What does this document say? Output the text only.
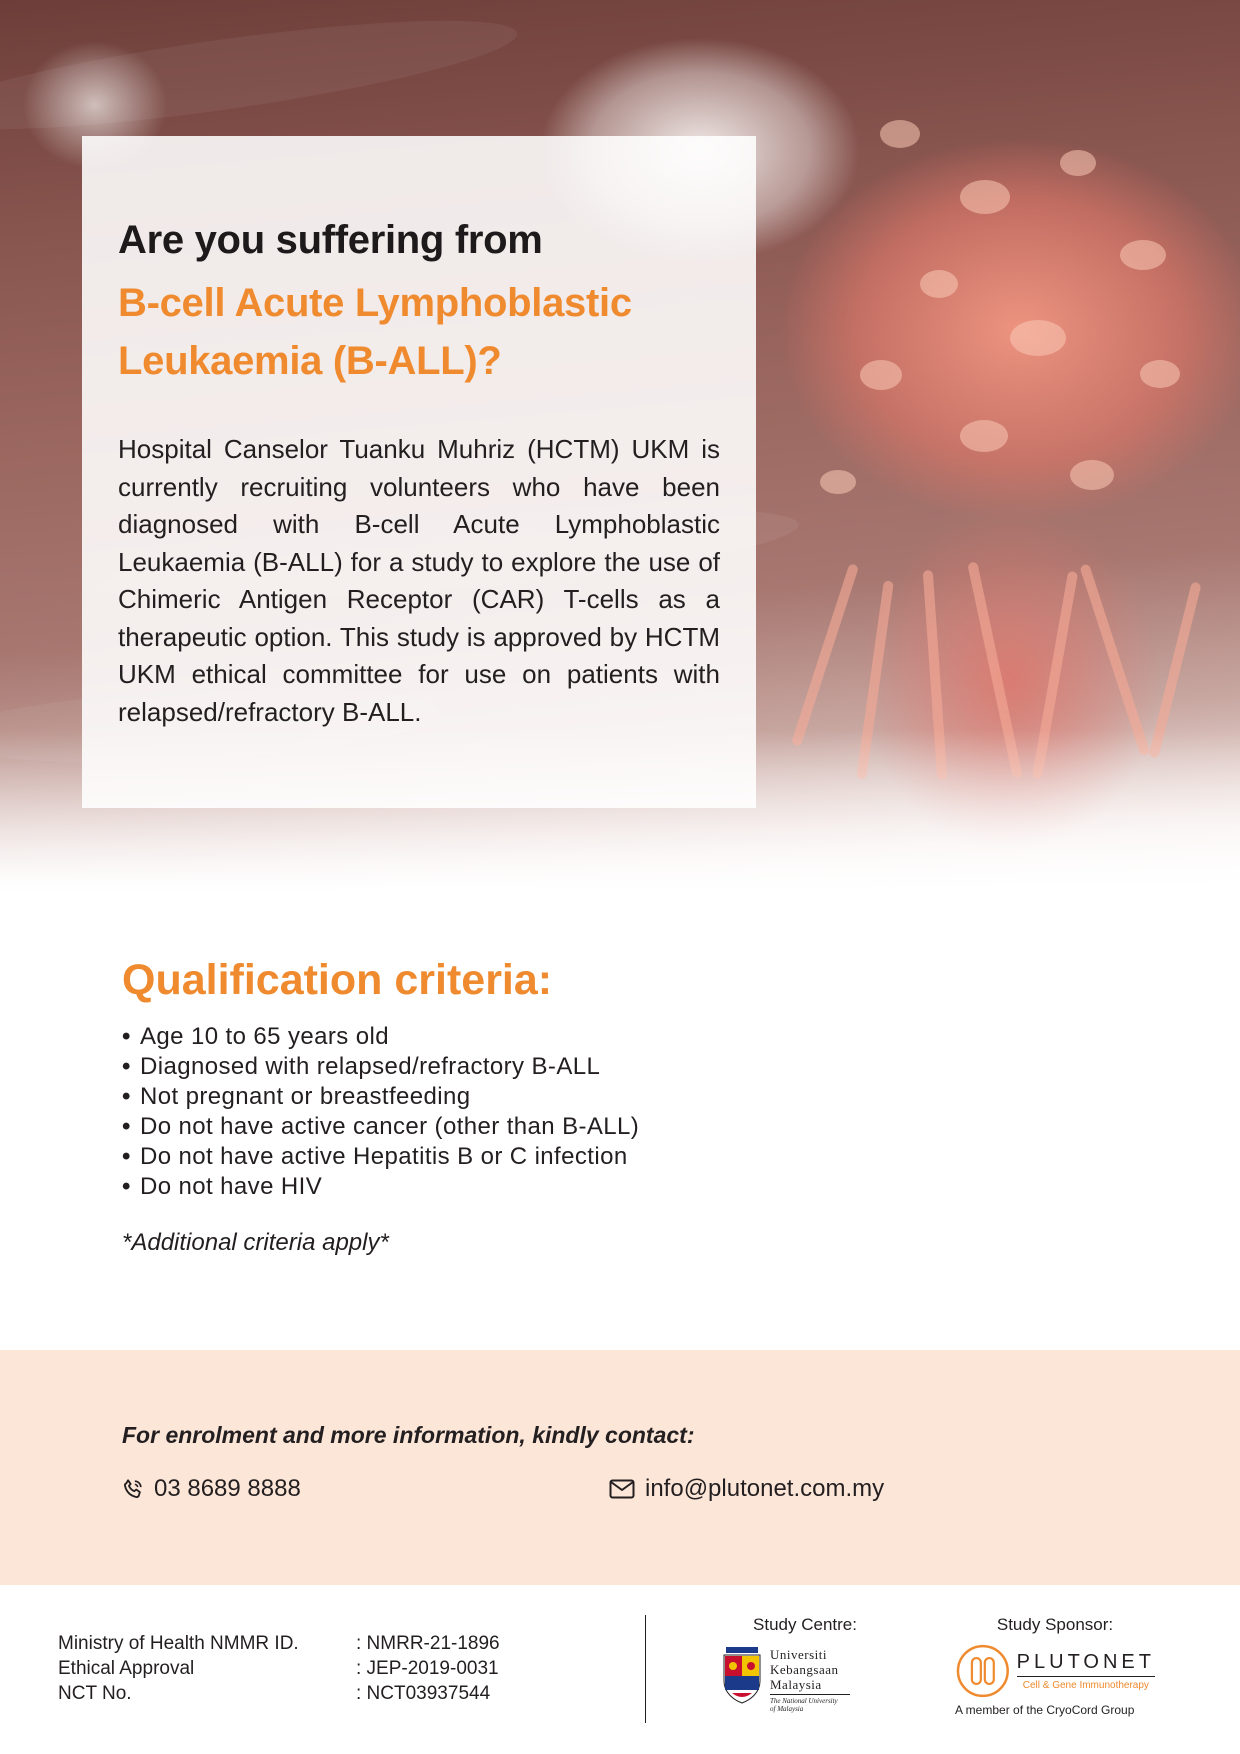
Are you suffering from
B-cell Acute Lymphoblastic Leukaemia (B-ALL)?

Hospital Canselor Tuanku Muhriz (HCTM) UKM is currently recruiting volunteers who have been diagnosed with B-cell Acute Lymphoblastic Leukaemia (B-ALL) for a study to explore the use of Chimeric Antigen Receptor (CAR) T-cells as a therapeutic option. This study is approved by HCTM UKM ethical committee for use on patients with relapsed/refractory B-ALL.

Qualification criteria:
• Age 10 to 65 years old
• Diagnosed with relapsed/refractory B-ALL
• Not pregnant or breastfeeding
• Do not have active cancer (other than B-ALL)
• Do not have active Hepatitis B or C infection
• Do not have HIV
*Additional criteria apply*

For enrolment and more information, kindly contact:

03 8689 8888	info@plutonet.com.my
Ministry of Health NMMR ID.	: NMRR-21-1896
Ethical Approval	: JEP-2019-0031
NCT No.	: NCT03937544
Study Centre:
Universiti
Kebangsaan
Malaysia
The National University
of Malaysia
Study Sponsor:
PLUTONET
Cell & Gene Immunotherapy
A member of the CryoCord Group
